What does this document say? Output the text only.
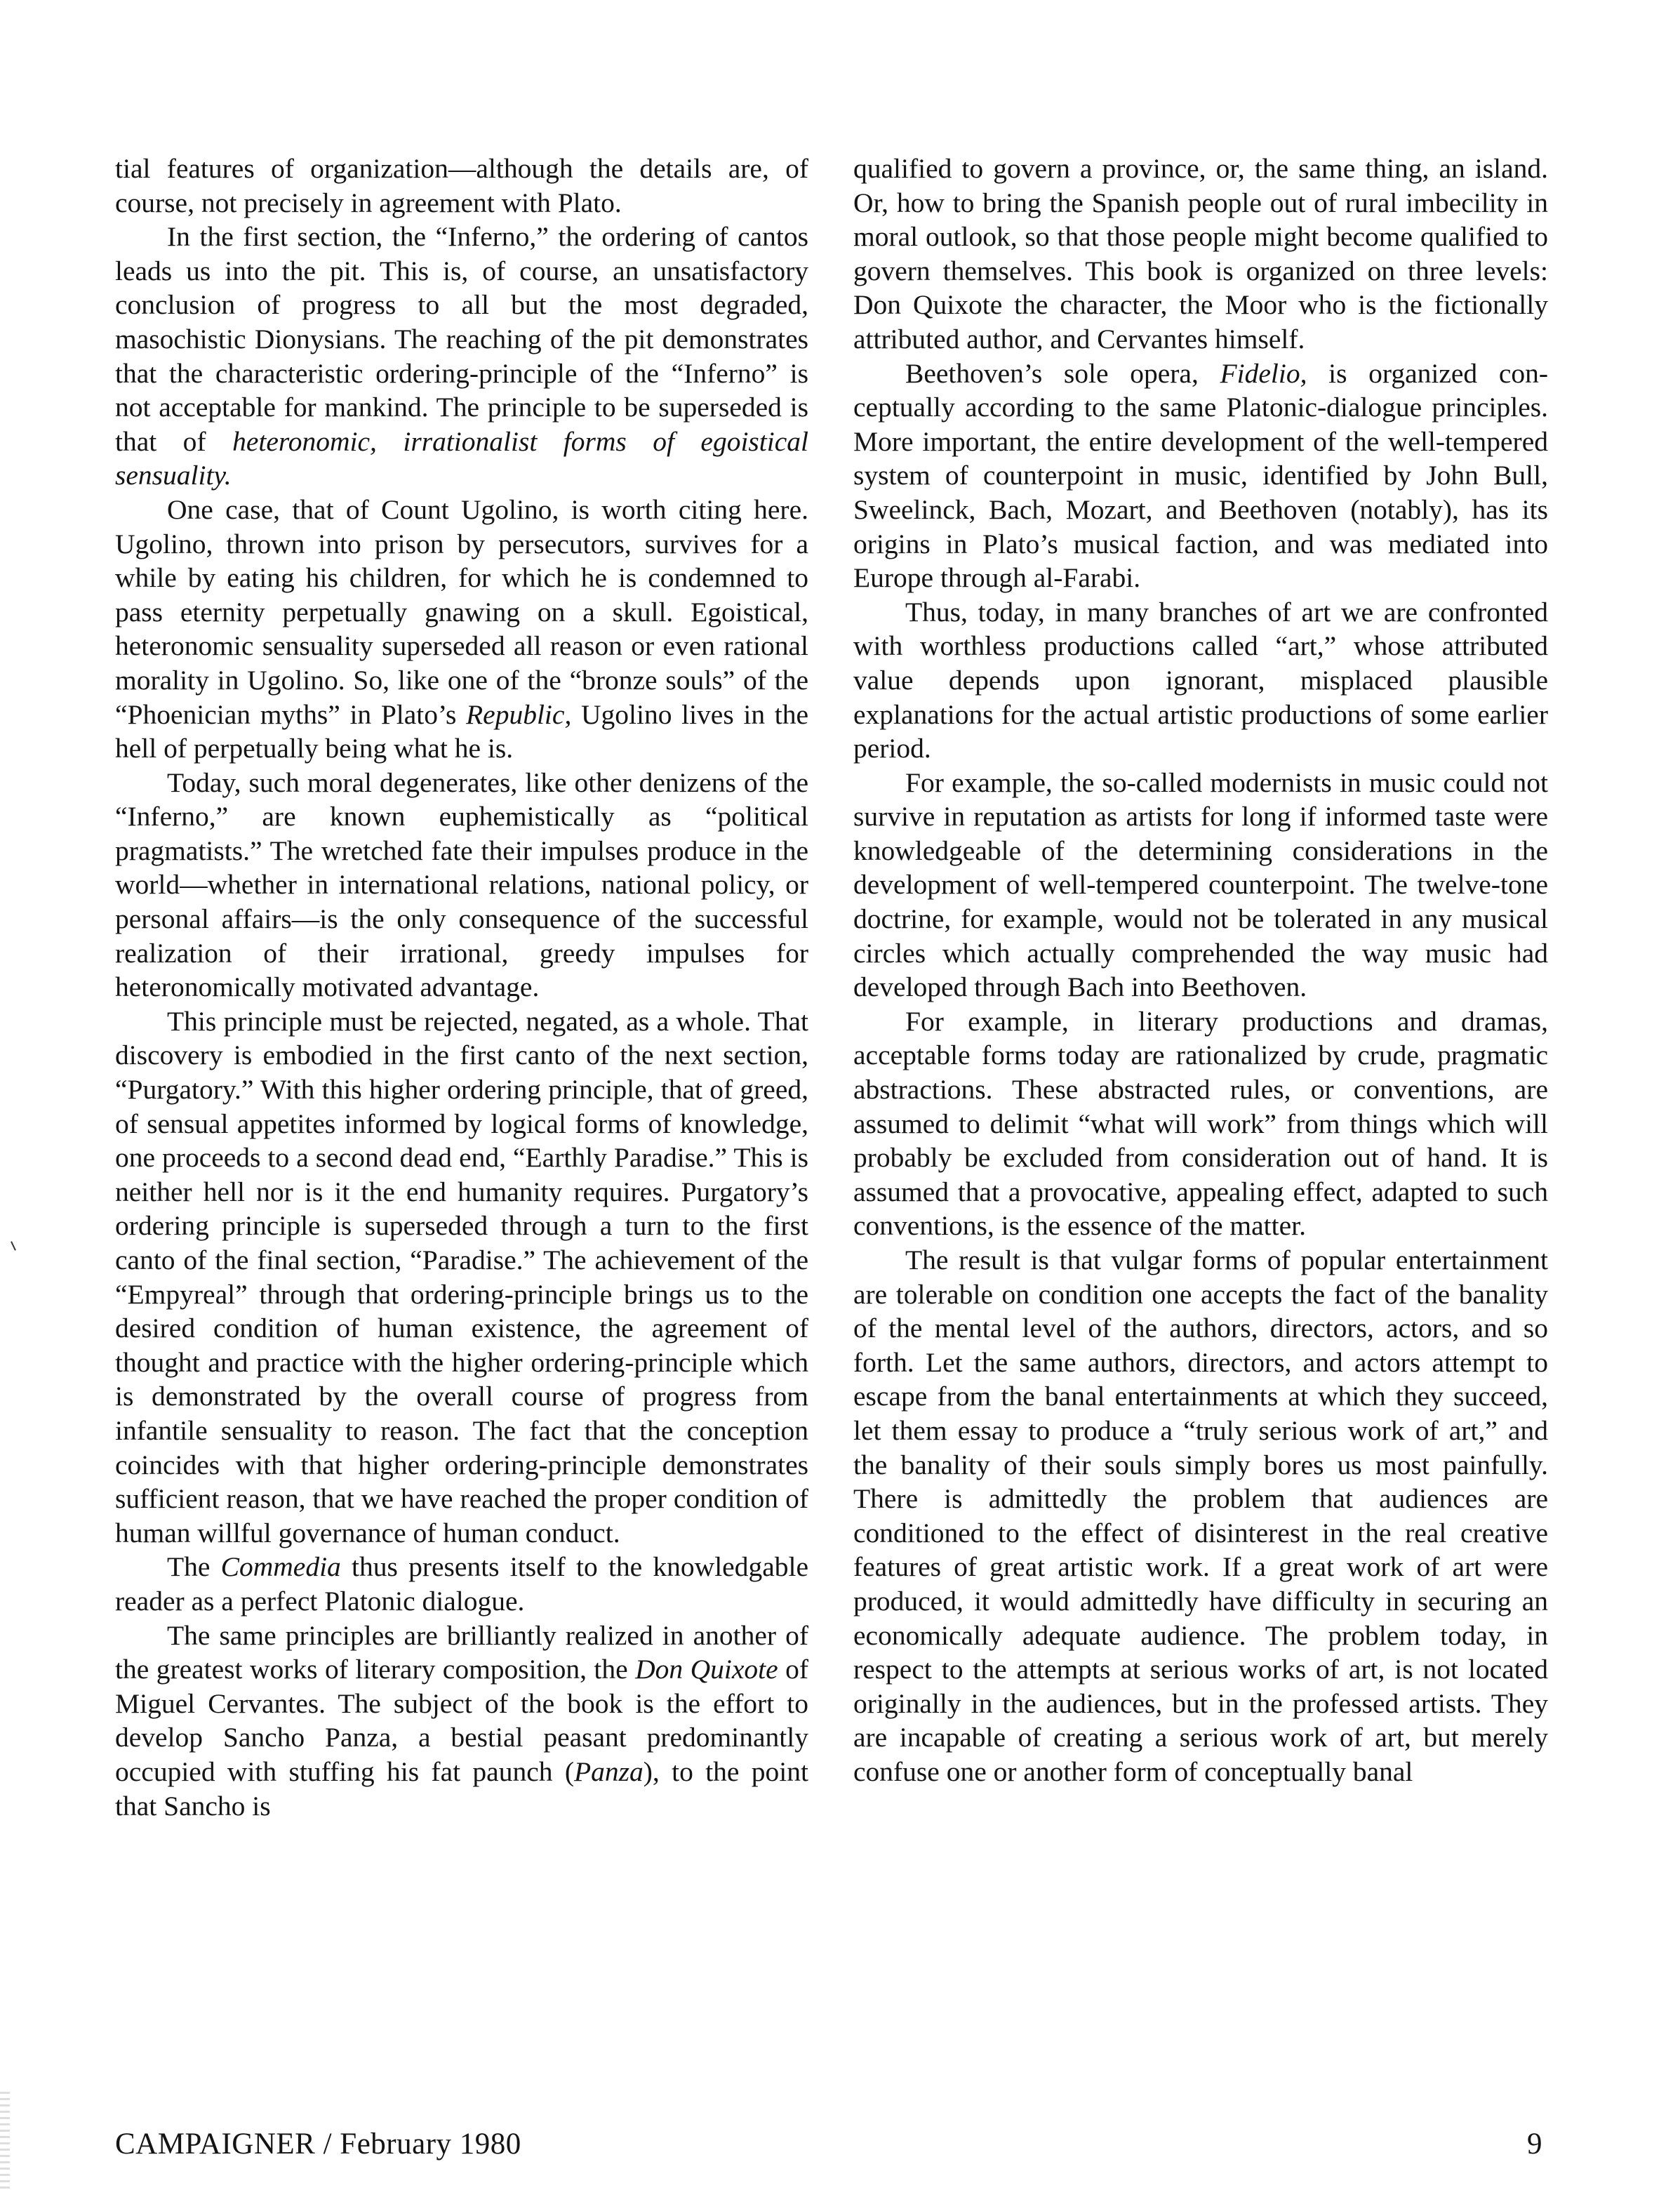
tial features of organization—although the details are, of course, not precisely in agreement with Plato.

In the first section, the “Inferno,” the ordering of cantos leads us into the pit. This is, of course, an unsatisfactory conclusion of progress to all but the most degraded, masochistic Dionysians. The reaching of the pit demonstrates that the characteristic ordering-principle of the “Inferno” is not acceptable for mankind. The principle to be superseded is that of heteronomic, irrationalist forms of egoistical sensuality.

One case, that of Count Ugolino, is worth citing here. Ugolino, thrown into prison by persecutors, survives for a while by eating his children, for which he is condemned to pass eternity perpetually gnawing on a skull. Egoistical, heteronomic sensuality superseded all reason or even rational morality in Ugolino. So, like one of the “bronze souls” of the “Phoenician myths” in Plato’s Republic, Ugolino lives in the hell of perpetually being what he is.

Today, such moral degenerates, like other denizens of the “Inferno,” are known euphemistically as “political pragmatists.” The wretched fate their impulses produce in the world—whether in international relations, national policy, or personal affairs—is the only consequence of the successful realization of their irrational, greedy impulses for heteronomically motivated advantage.

This principle must be rejected, negated, as a whole. That discovery is embodied in the first canto of the next section, “Purgatory.” With this higher ordering principle, that of greed, of sensual appetites informed by logical forms of knowledge, one proceeds to a second dead end, “Earthly Paradise.” This is neither hell nor is it the end humanity requires. Purgatory’s ordering principle is superseded through a turn to the first canto of the final section, “Paradise.” The achievement of the “Empyreal” through that ordering-principle brings us to the desired condition of human existence, the agreement of thought and practice with the higher ordering-principle which is demonstrated by the overall course of progress from infantile sensuality to reason. The fact that the conception coincides with that higher ordering-principle demonstrates sufficient reason, that we have reached the proper condition of human willful governance of human conduct.

The Commedia thus presents itself to the knowledgable reader as a perfect Platonic dialogue.

The same principles are brilliantly realized in another of the greatest works of literary composition, the Don Quixote of Miguel Cervantes. The subject of the book is the effort to develop Sancho Panza, a bestial peasant predominantly occupied with stuffing his fat paunch (Panza), to the point that Sancho is

qualified to govern a province, or, the same thing, an island. Or, how to bring the Spanish people out of rural imbecility in moral outlook, so that those people might become qualified to govern themselves. This book is organized on three levels: Don Quixote the character, the Moor who is the fictionally attributed author, and Cervantes himself.

Beethoven’s sole opera, Fidelio, is organized conceptually according to the same Platonic-dialogue principles. More important, the entire development of the well-tempered system of counterpoint in music, identified by John Bull, Sweelinck, Bach, Mozart, and Beethoven (notably), has its origins in Plato’s musical faction, and was mediated into Europe through al-Farabi.

Thus, today, in many branches of art we are confronted with worthless productions called “art,” whose attributed value depends upon ignorant, misplaced plausible explanations for the actual artistic productions of some earlier period.

For example, the so-called modernists in music could not survive in reputation as artists for long if informed taste were knowledgeable of the determining considerations in the development of well-tempered counterpoint. The twelve-tone doctrine, for example, would not be tolerated in any musical circles which actually comprehended the way music had developed through Bach into Beethoven.

For example, in literary productions and dramas, acceptable forms today are rationalized by crude, pragmatic abstractions. These abstracted rules, or conventions, are assumed to delimit “what will work” from things which will probably be excluded from consideration out of hand. It is assumed that a provocative, appealing effect, adapted to such conventions, is the essence of the matter.

The result is that vulgar forms of popular entertainment are tolerable on condition one accepts the fact of the banality of the mental level of the authors, directors, actors, and so forth. Let the same authors, directors, and actors attempt to escape from the banal entertainments at which they succeed, let them essay to produce a “truly serious work of art,” and the banality of their souls simply bores us most painfully. There is admittedly the problem that audiences are conditioned to the effect of disinterest in the real creative features of great artistic work. If a great work of art were produced, it would admittedly have difficulty in securing an economically adequate audience. The problem today, in respect to the attempts at serious works of art, is not located originally in the audiences, but in the professed artists. They are incapable of creating a serious work of art, but merely confuse one or another form of conceptually banal

CAMPAIGNER / February 1980	9
